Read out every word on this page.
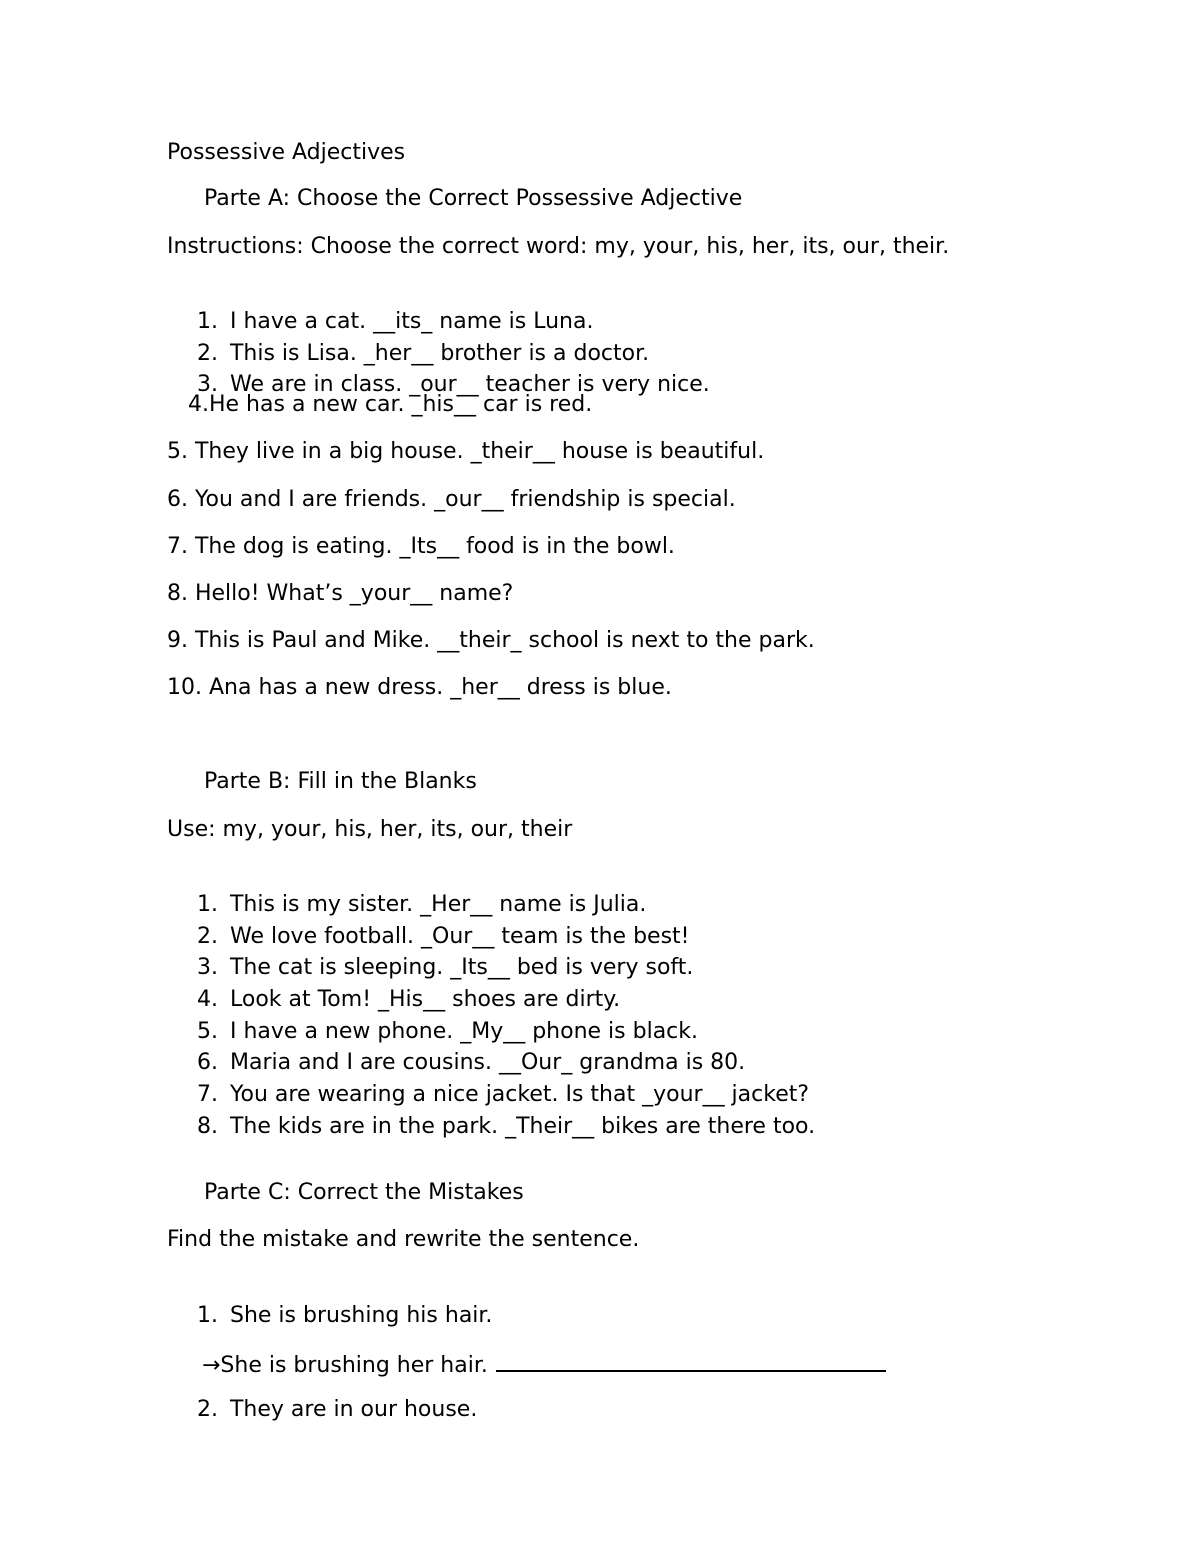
Possessive Adjectives
Parte A: Choose the Correct Possessive Adjective
Instructions: Choose the correct word: my, your, his, her, its, our, their.

1. I have a cat. __its_ name is Luna.

2. This is Lisa. _her__ brother is a doctor.

3. We are in class. _our__ teacher is very nice.

4.He has a new car. _his__ car is red.
5. They live in a big house. _their__ house is beautiful.
6. You and I are friends. _our__ friendship is special.
7. The dog is eating. _Its__ food is in the bowl.
8. Hello! What’s _your__ name?
9. This is Paul and Mike. __their_ school is next to the park.
10. Ana has a new dress. _her__ dress is blue.
Parte B: Fill in the Blanks
Use: my, your, his, her, its, our, their

1. This is my sister. _Her__ name is Julia.

2. We love football. _Our__ team is the best!

3. The cat is sleeping. _Its__ bed is very soft.

4. Look at Tom! _His__ shoes are dirty.

5. I have a new phone. _My__ phone is black.

6. Maria and I are cousins. __Our_ grandma is 80.

7. You are wearing a nice jacket. Is that _your__ jacket?

8. The kids are in the park. _Their__ bikes are there too.

Parte C: Correct the Mistakes
Find the mistake and rewrite the sentence.

1. She is brushing his hair.

→She is brushing her hair.

2. They are in our house.
